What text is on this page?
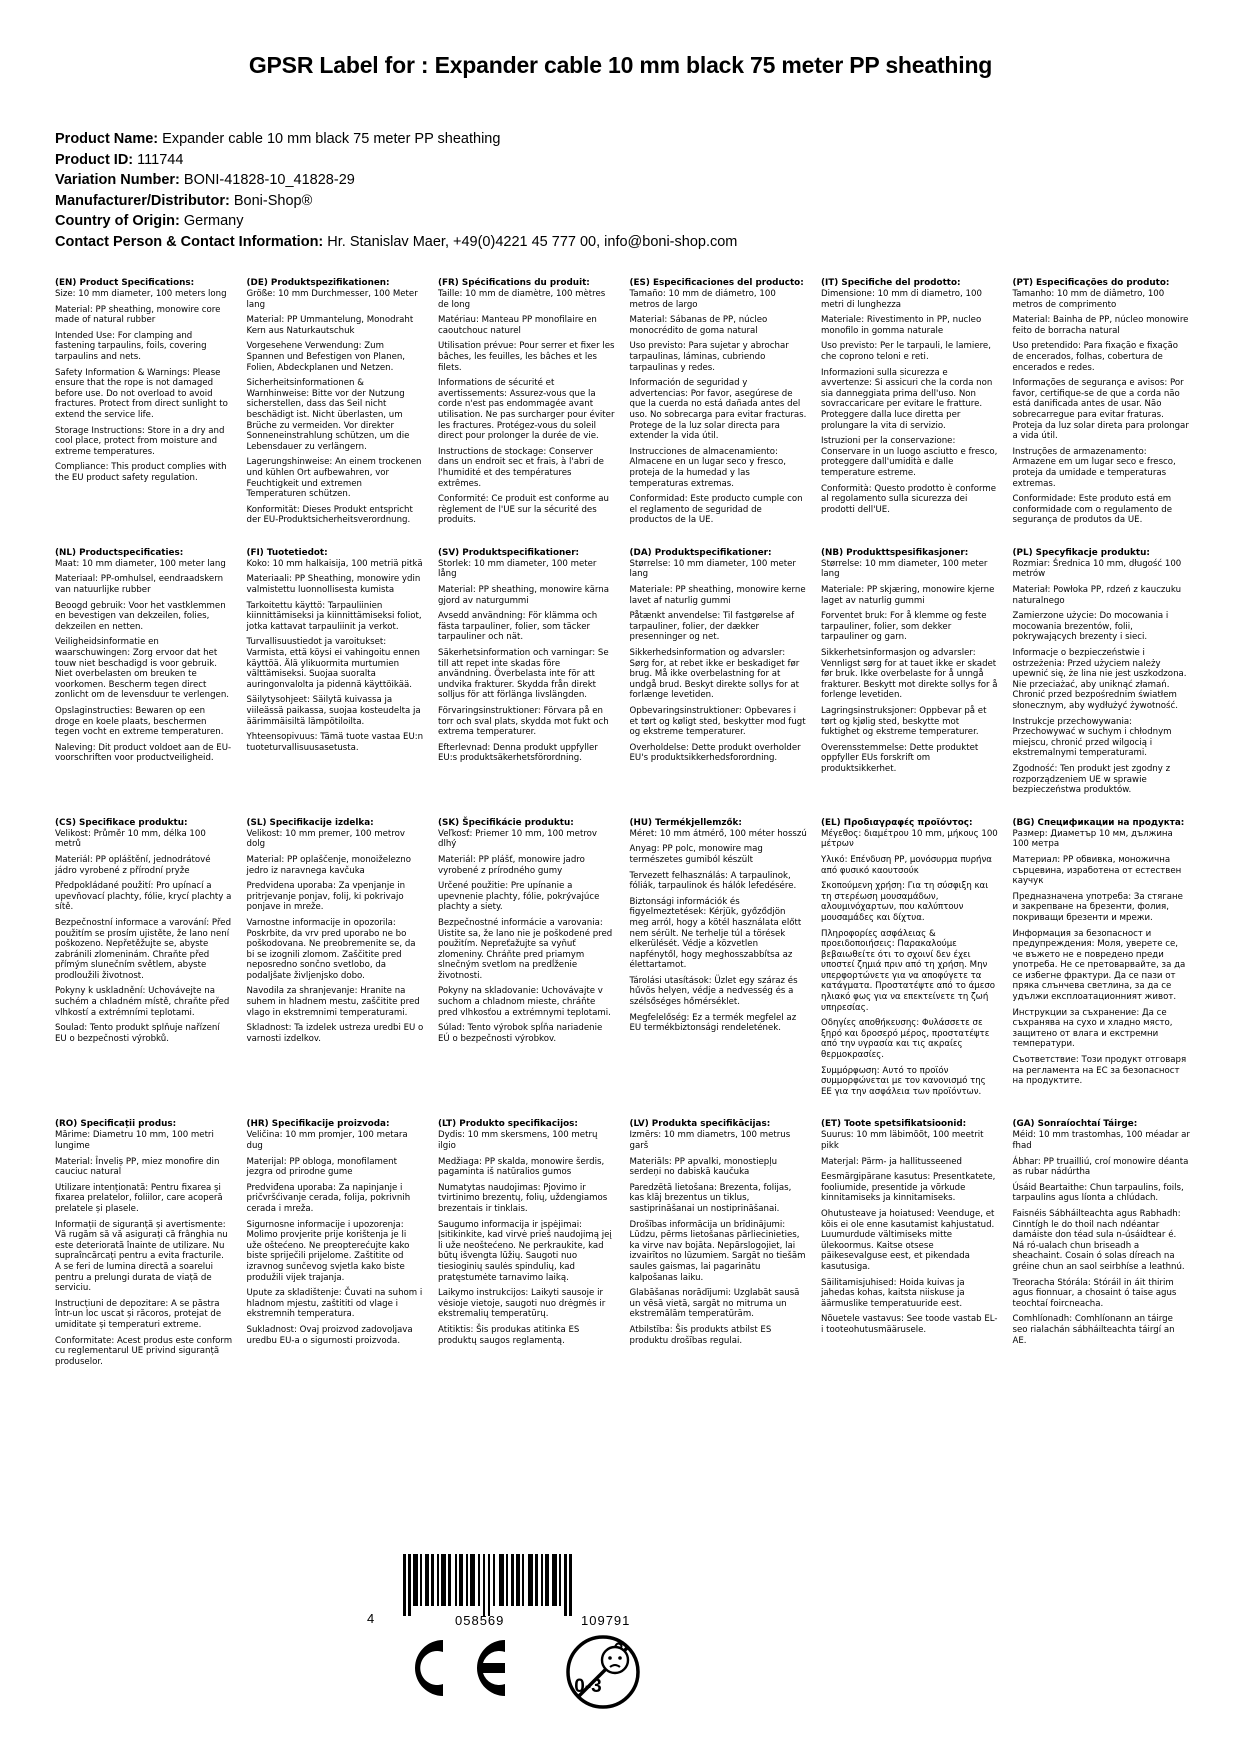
GPSR Label for : Expander cable 10 mm black 75 meter PP sheathing
Product Name: Expander cable 10 mm black 75 meter PP sheathing
Product ID: 111744
Variation Number: BONI-41828-10_41828-29
Manufacturer/Distributor: Boni-Shop®
Country of Origin: Germany
Contact Person & Contact Information: Hr. Stanislav Maer, +49(0)4221 45 777 00, info@boni-shop.com
(EN) Product Specifications:

Size: 10 mm diameter, 100 meters long

Material: PP sheathing, monowire core made of natural rubber

Intended Use: For clamping and fastening tarpaulins, foils, covering tarpaulins and nets.

Safety Information & Warnings: Please ensure that the rope is not damaged before use. Do not overload to avoid fractures. Protect from direct sunlight to extend the service life.

Storage Instructions: Store in a dry and cool place, protect from moisture and extreme temperatures.

Compliance: This product complies with the EU product safety regulation.

(DE) Produktspezifikationen:

Größe: 10 mm Durchmesser, 100 Meter lang

Material: PP Ummantelung, Monodraht Kern aus Naturkautschuk

Vorgesehene Verwendung: Zum Spannen und Befestigen von Planen, Folien, Abdeckplanen und Netzen.

Sicherheitsinformationen & Warnhinweise: Bitte vor der Nutzung sicherstellen, dass das Seil nicht beschädigt ist. Nicht überlasten, um Brüche zu vermeiden. Vor direkter Sonneneinstrahlung schützen, um die Lebensdauer zu verlängern.

Lagerungshinweise: An einem trockenen und kühlen Ort aufbewahren, vor Feuchtigkeit und extremen Temperaturen schützen.

Konformität: Dieses Produkt entspricht der EU-Produktsicherheitsverordnung.

(FR) Spécifications du produit:

Taille: 10 mm de diamètre, 100 mètres de long

Matériau: Manteau PP monofilaire en caoutchouc naturel

Utilisation prévue: Pour serrer et fixer les bâches, les feuilles, les bâches et les filets.

Informations de sécurité et avertissements: Assurez-vous que la corde n'est pas endommagée avant utilisation. Ne pas surcharger pour éviter les fractures. Protégez-vous du soleil direct pour prolonger la durée de vie.

Instructions de stockage: Conserver dans un endroit sec et frais, à l'abri de l'humidité et des températures extrêmes.

Conformité: Ce produit est conforme au règlement de l'UE sur la sécurité des produits.

(ES) Especificaciones del producto:

Tamaño: 10 mm de diámetro, 100 metros de largo

Material: Sábanas de PP, núcleo monocrédito de goma natural

Uso previsto: Para sujetar y abrochar tarpaulinas, láminas, cubriendo tarpaulinas y redes.

Información de seguridad y advertencias: Por favor, asegúrese de que la cuerda no está dañada antes del uso. No sobrecarga para evitar fracturas. Protege de la luz solar directa para extender la vida útil.

Instrucciones de almacenamiento: Almacene en un lugar seco y fresco, proteja de la humedad y las temperaturas extremas.

Conformidad: Este producto cumple con el reglamento de seguridad de productos de la UE.

(IT) Specifiche del prodotto:

Dimensione: 10 mm di diametro, 100 metri di lunghezza

Materiale: Rivestimento in PP, nucleo monofilo in gomma naturale

Uso previsto: Per le tarpauli, le lamiere, che coprono teloni e reti.

Informazioni sulla sicurezza e avvertenze: Si assicuri che la corda non sia danneggiata prima dell'uso. Non sovraccaricare per evitare le fratture. Proteggere dalla luce diretta per prolungare la vita di servizio.

Istruzioni per la conservazione: Conservare in un luogo asciutto e fresco, proteggere dall'umidità e dalle temperature estreme.

Conformità: Questo prodotto è conforme al regolamento sulla sicurezza dei prodotti dell'UE.

(PT) Especificações do produto:

Tamanho: 10 mm de diâmetro, 100 metros de comprimento

Material: Bainha de PP, núcleo monowire feito de borracha natural

Uso pretendido: Para fixação e fixação de encerados, folhas, cobertura de encerados e redes.

Informações de segurança e avisos: Por favor, certifique-se de que a corda não está danificada antes de usar. Não sobrecarregue para evitar fraturas. Proteja da luz solar direta para prolongar a vida útil.

Instruções de armazenamento: Armazene em um lugar seco e fresco, proteja da umidade e temperaturas extremas.

Conformidade: Este produto está em conformidade com o regulamento de segurança de produtos da UE.

(NL) Productspecificaties:

Maat: 10 mm diameter, 100 meter lang

Materiaal: PP-omhulsel, eendraadskern van natuurlijke rubber

Beoogd gebruik: Voor het vastklemmen en bevestigen van dekzeilen, folies, dekzeilen en netten.

Veiligheidsinformatie en waarschuwingen: Zorg ervoor dat het touw niet beschadigd is voor gebruik. Niet overbelasten om breuken te voorkomen. Bescherm tegen direct zonlicht om de levensduur te verlengen.

Opslaginstructies: Bewaren op een droge en koele plaats, beschermen tegen vocht en extreme temperaturen.

Naleving: Dit product voldoet aan de EU-voorschriften voor productveiligheid.

(FI) Tuotetiedot:

Koko: 10 mm halkaisija, 100 metriä pitkä

Materiaali: PP Sheathing, monowire ydin valmistettu luonnollisesta kumista

Tarkoitettu käyttö: Tarpauliinien kiinnittämiseksi ja kiinnittämiseksi foliot, jotka kattavat tarpauliinit ja verkot.

Turvallisuustiedot ja varoitukset: Varmista, että köysi ei vahingoitu ennen käyttöä. Älä ylikuormita murtumien välttämiseksi. Suojaa suoralta auringonvalolta ja pidennä käyttöikää.

Säilytysohjeet: Säilytä kuivassa ja viileässä paikassa, suojaa kosteudelta ja äärimmäisiltä lämpötiloilta.

Yhteensopivuus: Tämä tuote vastaa EU:n tuoteturvallisuusasetusta.

(SV) Produktspecifikationer:

Storlek: 10 mm diameter, 100 meter lång

Material: PP sheathing, monowire kärna gjord av naturgummi

Avsedd användning: För klämma och fästa tarpauliner, folier, som täcker tarpauliner och nät.

Säkerhetsinformation och varningar: Se till att repet inte skadas före användning. Överbelasta inte för att undvika frakturer. Skydda från direkt solljus för att förlänga livslängden.

Förvaringsinstruktioner: Förvara på en torr och sval plats, skydda mot fukt och extrema temperaturer.

Efterlevnad: Denna produkt uppfyller EU:s produktsäkerhetsförordning.

(DA) Produktspecifikationer:

Størrelse: 10 mm diameter, 100 meter lang

Materiale: PP sheathing, monowire kerne lavet af naturlig gummi

Påtænkt anvendelse: Til fastgørelse af tarpauliner, folier, der dækker presenninger og net.

Sikkerhedsinformation og advarsler: Sørg for, at rebet ikke er beskadiget før brug. Må ikke overbelastning for at undgå brud. Beskyt direkte sollys for at forlænge levetiden.

Opbevaringsinstruktioner: Opbevares i et tørt og køligt sted, beskytter mod fugt og ekstreme temperaturer.

Overholdelse: Dette produkt overholder EU's produktsikkerhedsforordning.

(NB) Produkttspesifikasjoner:

Størrelse: 10 mm diameter, 100 meter lang

Materiale: PP skjæring, monowire kjerne laget av naturlig gummi

Forventet bruk: For å klemme og feste tarpauliner, folier, som dekker tarpauliner og garn.

Sikkerhetsinformasjon og advarsler: Vennligst sørg for at tauet ikke er skadet før bruk. Ikke overbelaste for å unngå frakturer. Beskytt mot direkte sollys for å forlenge levetiden.

Lagringsinstruksjoner: Oppbevar på et tørt og kjølig sted, beskytte mot fuktighet og ekstreme temperaturer.

Overensstemmelse: Dette produktet oppfyller EUs forskrift om produktsikkerhet.

(PL) Specyfikacje produktu:

Rozmiar: Średnica 10 mm, długość 100 metrów

Materiał: Powłoka PP, rdzeń z kauczuku naturalnego

Zamierzone użycie: Do mocowania i mocowania brezentów, folii, pokrywających brezenty i sieci.

Informacje o bezpieczeństwie i ostrzeżenia: Przed użyciem należy upewnić się, że lina nie jest uszkodzona. Nie przeciażać, aby uniknąć złamań. Chronić przed bezpośrednim światłem słonecznym, aby wydłużyć żywotność.

Instrukcje przechowywania: Przechowywać w suchym i chłodnym miejscu, chronić przed wilgocią i ekstremalnymi temperaturami.

Zgodność: Ten produkt jest zgodny z rozporządzeniem UE w sprawie bezpieczeństwa produktów.

(CS) Specifikace produktu:

Velikost: Průměr 10 mm, délka 100 metrů

Materiál: PP opláštění, jednodrátové jádro vyrobené z přírodní pryže

Předpokládané použití: Pro upínací a upevňovací plachty, fólie, krycí plachty a sítě.

Bezpečnostní informace a varování: Před použitím se prosím ujistěte, že lano není poškozeno. Nepřetěžujte se, abyste zabránili zlomeninám. Chraňte před přímým slunečním světlem, abyste prodloužili životnost.

Pokyny k uskladnění: Uchovávejte na suchém a chladném místě, chraňte před vlhkostí a extrémními teplotami.

Soulad: Tento produkt splňuje nařízení EU o bezpečnosti výrobků.

(SL) Specifikacije izdelka:

Velikost: 10 mm premer, 100 metrov dolg

Material: PP oplaščenje, monoiželezno jedro iz naravnega kavčuka

Predvidena uporaba: Za vpenjanje in pritrjevanje ponjav, folij, ki pokrivajo ponjave in mreže.

Varnostne informacije in opozorila: Poskrbite, da vrv pred uporabo ne bo poškodovana. Ne preobremenite se, da bi se izognili zlomom. Zaščitite pred neposredno sončno svetlobo, da podaljšate življenjsko dobo.

Navodila za shranjevanje: Hranite na suhem in hladnem mestu, zaščitite pred vlago in ekstremnimi temperaturami.

Skladnost: Ta izdelek ustreza uredbi EU o varnosti izdelkov.

(SK) Špecifikácie produktu:

Veľkosť: Priemer 10 mm, 100 metrov dlhý

Materiál: PP plášť, monowire jadro vyrobené z prírodného gumy

Určené použitie: Pre upínanie a upevnenie plachty, fólie, pokrývajúce plachty a siety.

Bezpečnostné informácie a varovania: Uistite sa, že lano nie je poškodené pred použitím. Nepreťažujte sa vyňuť zlomeniny. Chráňte pred priamym slnečným svetlom na predĺženie životnosti.

Pokyny na skladovanie: Uchovávajte v suchom a chladnom mieste, chráňte pred vlhkosťou a extrémnymi teplotami.

Súlad: Tento výrobok spĺňa nariadenie EÚ o bezpečnosti výrobkov.

(HU) Termékjellemzők:

Méret: 10 mm átmérő, 100 méter hosszú

Anyag: PP polc, monowire mag természetes gumiból készült

Tervezett felhasználás: A tarpaulinok, fóliák, tarpaulinok és hálók lefedésére.

Biztonsági információk és figyelmeztetések: Kérjük, győződjön meg arról, hogy a kötél használata előtt nem sérült. Ne terhelje túl a törések elkerülését. Védje a közvetlen napfénytől, hogy meghosszabbítsa az élettartamot.

Tárolási utasítások: Üzlet egy száraz és hűvös helyen, védje a nedvesség és a szélsőséges hőmérséklet.

Megfelelőség: Ez a termék megfelel az EU termékbiztonsági rendeletének.

(EL) Προδιαγραφές προϊόντος:

Μέγεθος: διαμέτρου 10 mm, μήκους 100 μέτρων

Υλικό: Επένδυση PP, μονόσυρμα πυρήνα από φυσικό καουτσούκ

Σκοπούμενη χρήση: Για τη σύσφιξη και τη στερέωση μουσαμάδων, αλουμινόχαρτων, που καλύπτουν μουσαμάδες και δίχτυα.

Πληροφορίες ασφάλειας & προειδοποιήσεις: Παρακαλούμε βεβαιωθείτε ότι το σχοινί δεν έχει υποστεί ζημιά πριν από τη χρήση. Μην υπερφορτώνετε για να αποφύγετε τα κατάγματα. Προστατέψτε από το άμεσο ηλιακό φως για να επεκτείνετε τη ζωή υπηρεσίας.

Οδηγίες αποθήκευσης: Φυλάσσετε σε ξηρό και δροσερό μέρος, προστατέψτε από την υγρασία και τις ακραίες θερμοκρασίες.

Συμμόρφωση: Αυτό το προϊόν συμμορφώνεται με τον κανονισμό της ΕΕ για την ασφάλεια των προϊόντων.

(BG) Спецификации на продукта:

Размер: Диаметър 10 мм, дължина 100 метра

Материал: РР обвивка, моножична сърцевина, изработена от естествен каучук

Предназначена употреба: За стягане и закрепване на брезенти, фолия, покриващи брезенти и мрежи.

Информация за безопасност и предупреждения: Моля, уверете се, че въжето не е повредено преди употреба. Не се претоварвайте, за да се избегне фрактури. Да се пази от пряка слънчева светлина, за да се удължи експлоатационният живот.

Инструкции за съхранение: Да се съхранява на сухо и хладно място, защитено от влага и екстремни температури.

Съответствие: Този продукт отговаря на регламента на ЕС за безопасност на продуктите.

(RO) Specificații produs:

Mărime: Diametru 10 mm, 100 metri lungime

Material: Înveliș PP, miez monofire din cauciuc natural

Utilizare intenționată: Pentru fixarea și fixarea prelatelor, foliilor, care acoperă prelatele și plasele.

Informații de siguranță și avertismente: Vă rugăm să vă asigurați că frânghia nu este deteriorată înainte de utilizare. Nu supraîncărcați pentru a evita fracturile. A se feri de lumina directă a soarelui pentru a prelungi durata de viață de serviciu.

Instrucțiuni de depozitare: A se păstra într-un loc uscat și răcoros, protejat de umiditate și temperaturi extreme.

Conformitate: Acest produs este conform cu reglementarul UE privind siguranță produselor.

(HR) Specifikacije proizvoda:

Veličina: 10 mm promjer, 100 metara dug

Materijal: PP obloga, monofilament jezgra od prirodne gume

Predviđena uporaba: Za napinjanje i pričvršćivanje cerada, folija, pokrivnih cerada i mreža.

Sigurnosne informacije i upozorenja: Molimo provjerite prije korištenja je li uže oštećeno. Ne preopterećujte kako biste spriječili prijelome. Zaštitite od izravnog sunčevog svjetla kako biste produžili vijek trajanja.

Upute za skladištenje: Čuvati na suhom i hladnom mjestu, zaštititi od vlage i ekstremnih temperatura.

Sukladnost: Ovaj proizvod zadovoljava uredbu EU-a o sigurnosti proizvoda.

(LT) Produkto specifikacijos:

Dydis: 10 mm skersmens, 100 metrų ilgio

Medžiaga: PP skalda, monowire šerdis, pagaminta iš natūralios gumos

Numatytas naudojimas: Pjovimo ir tvirtinimo brezentų, folių, uždengiamos brezentais ir tinklais.

Saugumo informacija ir įspėjimai: Įsitikinkite, kad virvė prieš naudojimą jeį li uže neoštećeno. Ne perkraukite, kad būtų išvengta lūžių. Saugoti nuo tiesioginių saulės spindulių, kad pratęstumėte tarnavimo laiką.

Laikymo instrukcijos: Laikyti sausoje ir vėsioje vietoje, saugoti nuo drėgmės ir ekstremalių temperatūrų.

Atitiktis: Šis produkas atitinka ES produktų saugos reglamentą.

(LV) Produkta specifikācijas:

Izmērs: 10 mm diametrs, 100 metrus garš

Materiāls: PP apvalki, monostiepļu serdeņi no dabiskā kaučuka

Paredzētā lietošana: Brezenta, folijas, kas klāj brezentus un tiklus, sastiprināšanai un nostiprināšanai.

Drošības informācija un brīdinājumi: Lūdzu, pērms lietošanas pārliecinieties, ka virve nav bojāta. Nepārslogojiet, lai izvairītos no lūzumiem. Sargāt no tiešām saules gaismas, lai pagarinātu kalpošanas laiku.

Glabāšanas norādījumi: Uzglabāt sausā un vēsā vietā, sargāt no mitruma un ekstremālām temperatūrām.

Atbilstība: Šis produkts atbilst ES produktu drošības regulai.

(ET) Toote spetsifikatsioonid:

Suurus: 10 mm läbimõõt, 100 meetrit pikk

Materjal: Pärm- ja hallitusseened

Eesmärgipärane kasutus: Presentkatete, fooliumide, presentide ja võrkude kinnitamiseks ja kinnitamiseks.

Ohutusteave ja hoiatused: Veenduge, et köis ei ole enne kasutamist kahjustatud. Luumurdude vältimiseks mitte ülekoormus. Kaitse otsese päikesevalguse eest, et pikendada kasutusiga.

Säilitamisjuhised: Hoida kuivas ja jahedas kohas, kaitsta niiskuse ja äärmuslike temperatuuride eest.

Nõuetele vastavus: See toode vastab EL-i tooteohutusmäärusele.

(GA) Sonraíochtaí Táirge:

Méid: 10 mm trastomhas, 100 méadar ar fhad

Ábhar: PP truailliú, croí monowire déanta as rubar nádúrtha

Úsáid Beartaithe: Chun tarpaulins, foils, tarpaulins agus líonta a chlúdach.

Faisnéis Sábháilteachta agus Rabhadh: Cinntígh le do thoil nach ndéantar damáiste don téad sula n-úsáidtear é. Ná ró-ualach chun briseadh a sheachaint. Cosain ó solas díreach na gréine chun an saol seirbhíse a leathnú.

Treoracha Stórála: Stóráil in áit thirim agus fionnuar, a chosaint ó taise agus teochtaí foircneacha.

Comhlíonadh: Comhlíonann an táirge seo rialachán sábháilteachta táirgí an AE.

4	058569	109791
0-3
